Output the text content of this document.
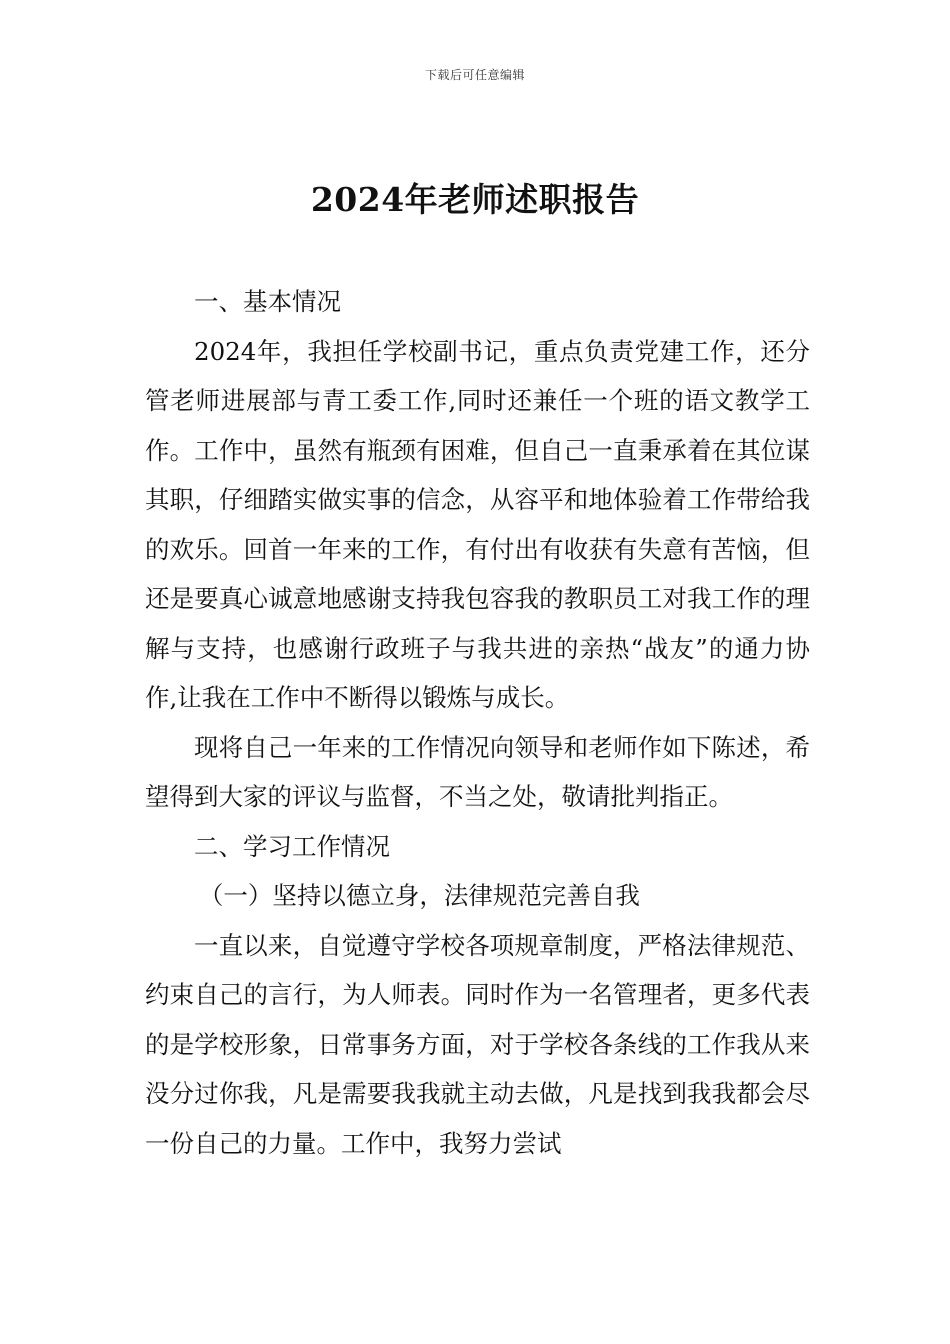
下载后可任意编辑
2024年老师述职报告

一、基本情况

2024年，我担任学校副书记，重点负责党建工作，还分管老师进展部与青工委工作,同时还兼任一个班的语文教学工作。工作中，虽然有瓶颈有困难，但自己一直秉承着在其位谋其职，仔细踏实做实事的信念，从容平和地体验着工作带给我的欢乐。回首一年来的工作，有付出有收获有失意有苦恼，但还是要真心诚意地感谢支持我包容我的教职员工对我工作的理解与支持，也感谢行政班子与我共进的亲热“战友”的通力协作,让我在工作中不断得以锻炼与成长。

现将自己一年来的工作情况向领导和老师作如下陈述，希望得到大家的评议与监督，不当之处，敬请批判指正。

二、学习工作情况

（一）坚持以德立身，法律规范完善自我

一直以来，自觉遵守学校各项规章制度，严格法律规范、约束自己的言行，为人师表。同时作为一名管理者，更多代表的是学校形象，日常事务方面，对于学校各条线的工作我从来没分过你我，凡是需要我我就主动去做，凡是找到我我都会尽一份自己的力量。工作中，我努力尝试
